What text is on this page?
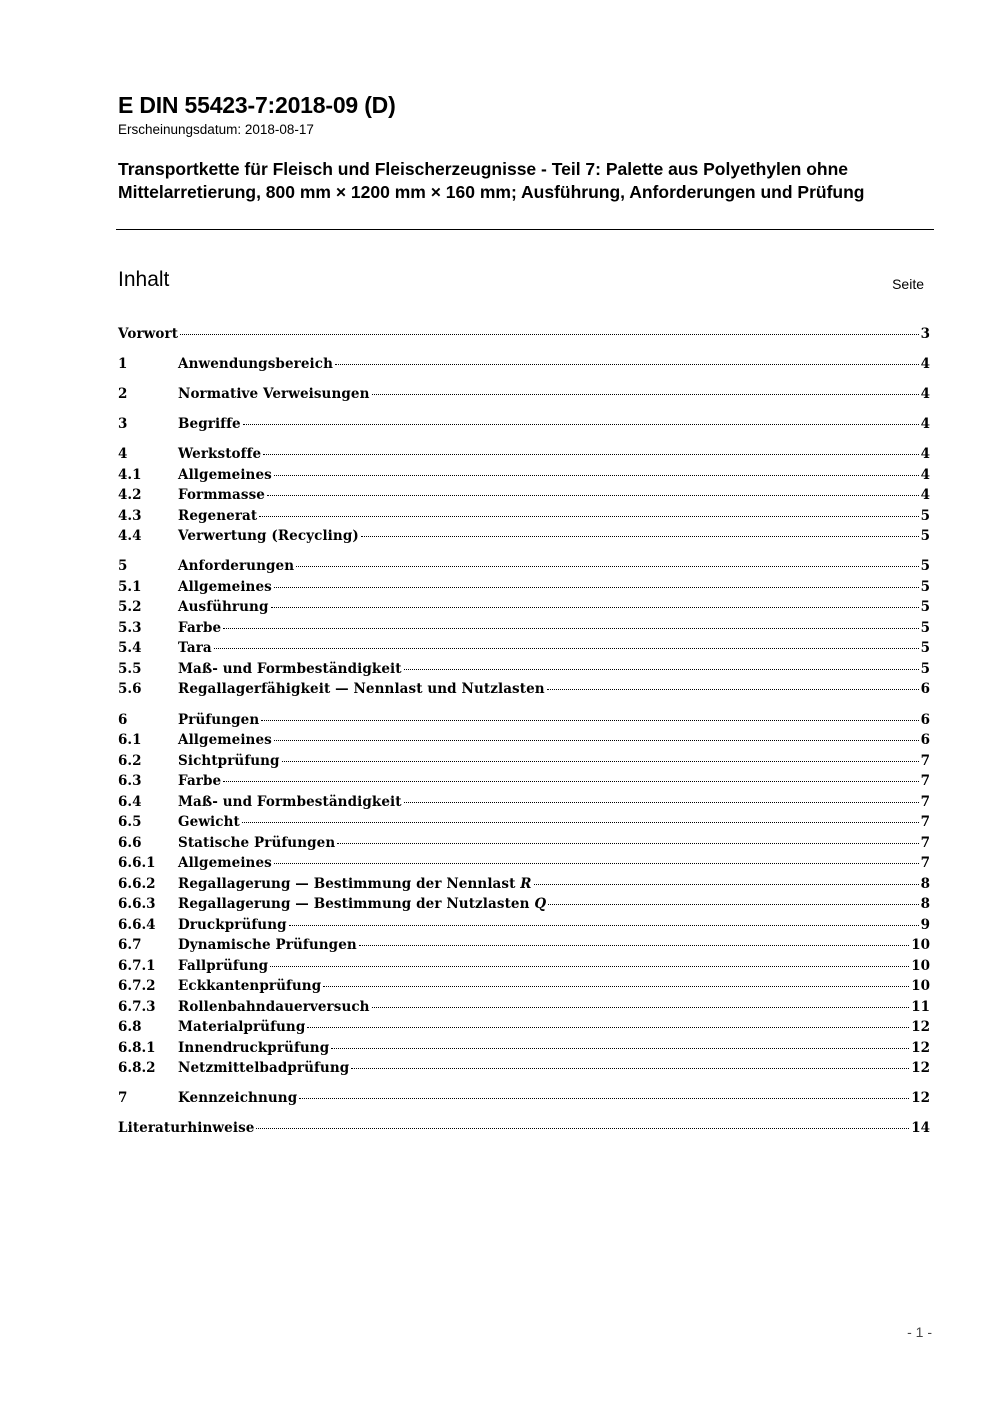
E DIN 55423-7:2018-09 (D)
Erscheinungsdatum: 2018-08-17
Transportkette für Fleisch und Fleischerzeugnisse - Teil 7: Palette aus Polyethylen ohne Mittelarretierung, 800 mm × 1200 mm × 160 mm; Ausführung, Anforderungen und Prüfung
Inhalt	Seite
Vorwort	3
1	Anwendungsbereich	4
2	Normative Verweisungen	4
3	Begriffe	4
4	Werkstoffe	4
4.1	Allgemeines	4
4.2	Formmasse	4
4.3	Regenerat	5
4.4	Verwertung (Recycling)	5
5	Anforderungen	5
5.1	Allgemeines	5
5.2	Ausführung	5
5.3	Farbe	5
5.4	Tara	5
5.5	Maß- und Formbeständigkeit	5
5.6	Regallagerfähigkeit — Nennlast und Nutzlasten	6
6	Prüfungen	6
6.1	Allgemeines	6
6.2	Sichtprüfung	7
6.3	Farbe	7
6.4	Maß- und Formbeständigkeit	7
6.5	Gewicht	7
6.6	Statische Prüfungen	7
6.6.1	Allgemeines	7
6.6.2	Regallagerung — Bestimmung der Nennlast R	8
6.6.3	Regallagerung — Bestimmung der Nutzlasten Q	8
6.6.4	Druckprüfung	9
6.7	Dynamische Prüfungen	10
6.7.1	Fallprüfung	10
6.7.2	Eckkantenprüfung	10
6.7.3	Rollenbahndauerversuch	11
6.8	Materialprüfung	12
6.8.1	Innendruckprüfung	12
6.8.2	Netzmittelbadprüfung	12
7	Kennzeichnung	12
Literaturhinweise	14
- 1 -
